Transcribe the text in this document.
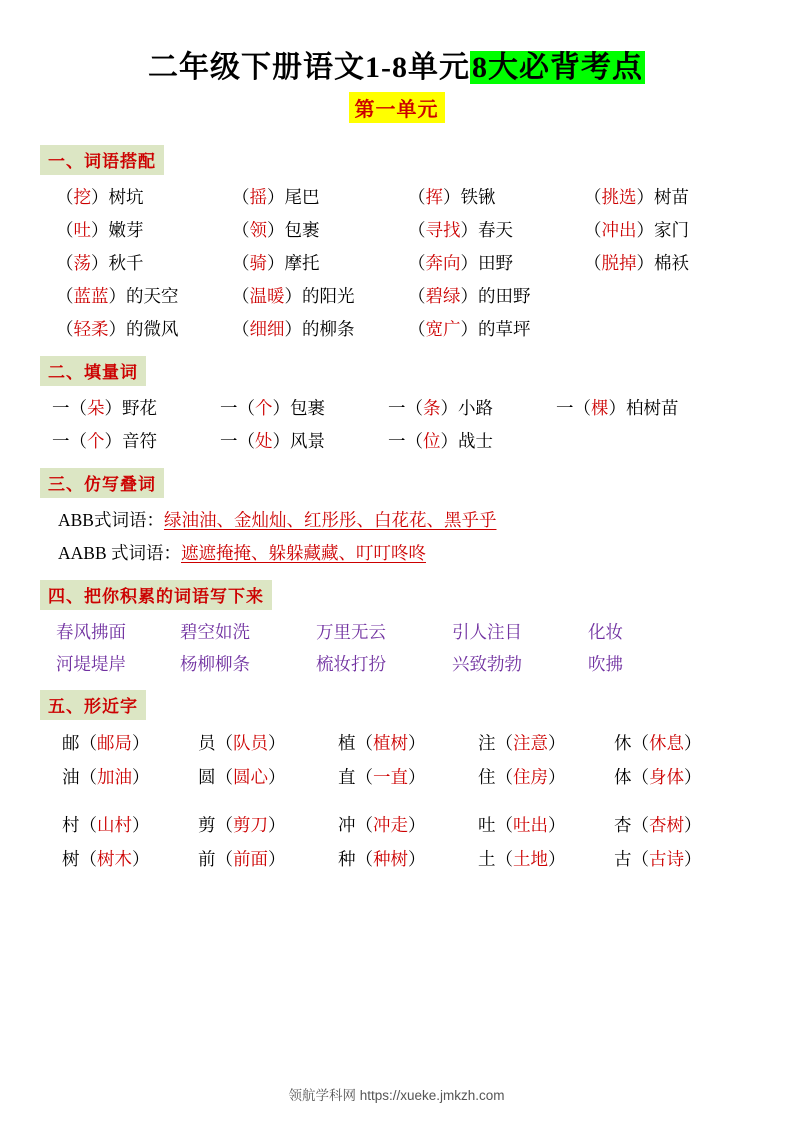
二年级下册语文1-8单元8大必背考点
第一单元
一、词语搭配
（挖）树坑	（摇）尾巴	（挥）铁锹	（挑选）树苗
（吐）嫩芽	（领）包裹	（寻找）春天	（冲出）家门
（荡）秋千	（骑）摩托	（奔向）田野	（脱掉）棉袄
（蓝蓝）的天空	（温暖）的阳光	（碧绿）的田野
（轻柔）的微风	（细细）的柳条	（宽广）的草坪
二、填量词
一（朵）野花	一（个）包裹	一（条）小路	一（棵）柏树苗
一（个）音符	一（处）风景	一（位）战士
三、仿写叠词
ABB式词语：绿油油、金灿灿、红彤彤、白花花、黑乎乎
AABB 式词语：遮遮掩掩、躲躲藏藏、叮叮咚咚
四、把你积累的词语写下来
春风拂面	碧空如洗	万里无云	引人注目	化妆
河堤堤岸	杨柳柳条	梳妆打扮	兴致勃勃	吹拂
五、形近字
邮（邮局）	员（队员）	植（植树）	注（注意）	休（休息）
油（加油）	圆（圆心）	直（一直）	住（住房）	体（身体）
村（山村）	剪（剪刀）	冲（冲走）	吐（吐出）	杏（杏树）
树（树木）	前（前面）	种（种树）	土（土地）	古（古诗）
领航学科网 https://xueke.jmkzh.com
